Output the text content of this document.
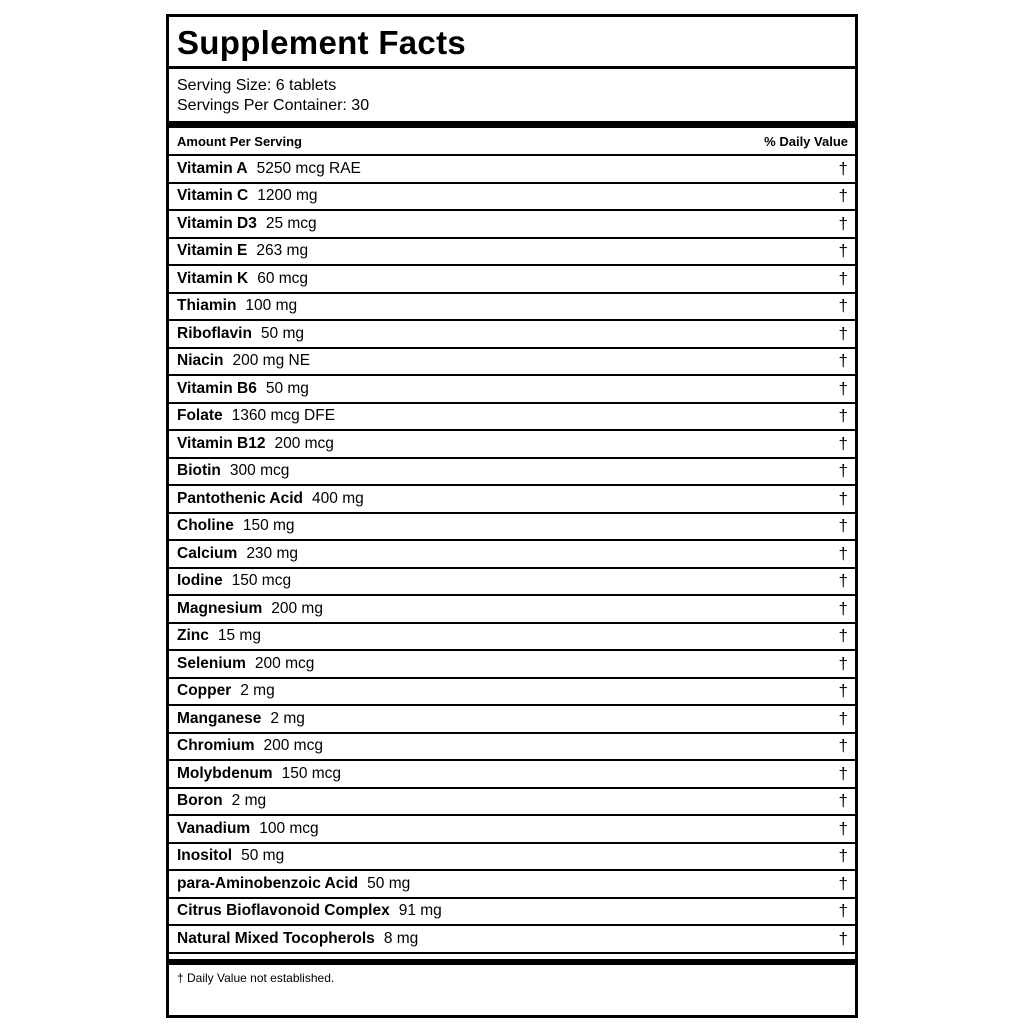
Supplement Facts
Serving Size: 6 tablets
Servings Per Container: 30
Amount Per Serving	% Daily Value
Vitamin A 5250 mcg RAE	†
Vitamin C 1200 mg	†
Vitamin D3 25 mcg	†
Vitamin E 263 mg	†
Vitamin K 60 mcg	†
Thiamin 100 mg	†
Riboflavin 50 mg	†
Niacin 200 mg NE	†
Vitamin B6 50 mg	†
Folate 1360 mcg DFE	†
Vitamin B12 200 mcg	†
Biotin 300 mcg	†
Pantothenic Acid 400 mg	†
Choline 150 mg	†
Calcium 230 mg	†
Iodine 150 mcg	†
Magnesium 200 mg	†
Zinc 15 mg	†
Selenium 200 mcg	†
Copper 2 mg	†
Manganese 2 mg	†
Chromium 200 mcg	†
Molybdenum 150 mcg	†
Boron 2 mg	†
Vanadium 100 mcg	†
Inositol 50 mg	†
para-Aminobenzoic Acid 50 mg	†
Citrus Bioflavonoid Complex 91 mg	†
Natural Mixed Tocopherols 8 mg	†
† Daily Value not established.
